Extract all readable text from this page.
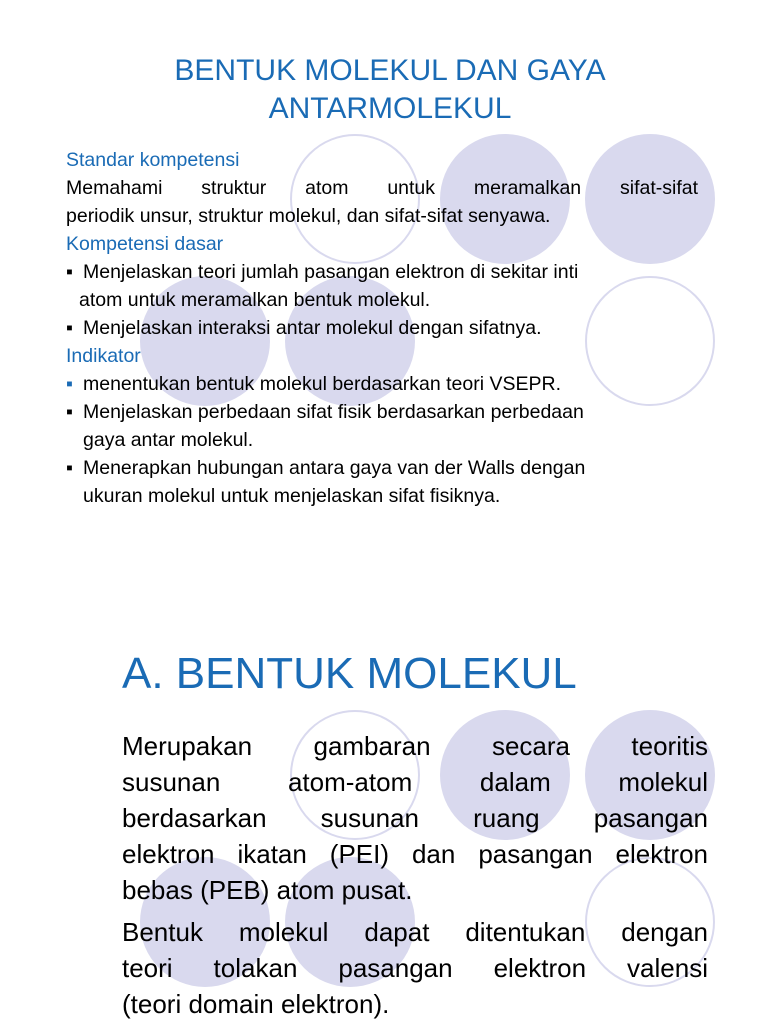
BENTUK MOLEKUL DAN GAYA
ANTARMOLEKUL
Standar kompetensi
Memahami struktur atom untuk meramalkan sifat-sifat
periodik unsur, struktur molekul, dan sifat-sifat senyawa.
Kompetensi dasar
▪ Menjelaskan teori jumlah pasangan elektron di sekitar inti
atom untuk meramalkan bentuk molekul.
▪ Menjelaskan interaksi antar molekul dengan sifatnya.
Indikator
▪ menentukan bentuk molekul berdasarkan teori VSEPR.
▪ Menjelaskan perbedaan sifat fisik berdasarkan perbedaan
gaya antar molekul.
▪ Menerapkan hubungan antara gaya van der Walls dengan
ukuran molekul untuk menjelaskan sifat fisiknya.
A. BENTUK MOLEKUL

Merupakan gambaran secara teoritis
susunan atom-atom dalam molekul
berdasarkan susunan ruang pasangan
elektron ikatan (PEI) dan pasangan elektron
bebas (PEB) atom pusat.

Bentuk molekul dapat ditentukan dengan
teori tolakan pasangan elektron valensi
(teori domain elektron).
